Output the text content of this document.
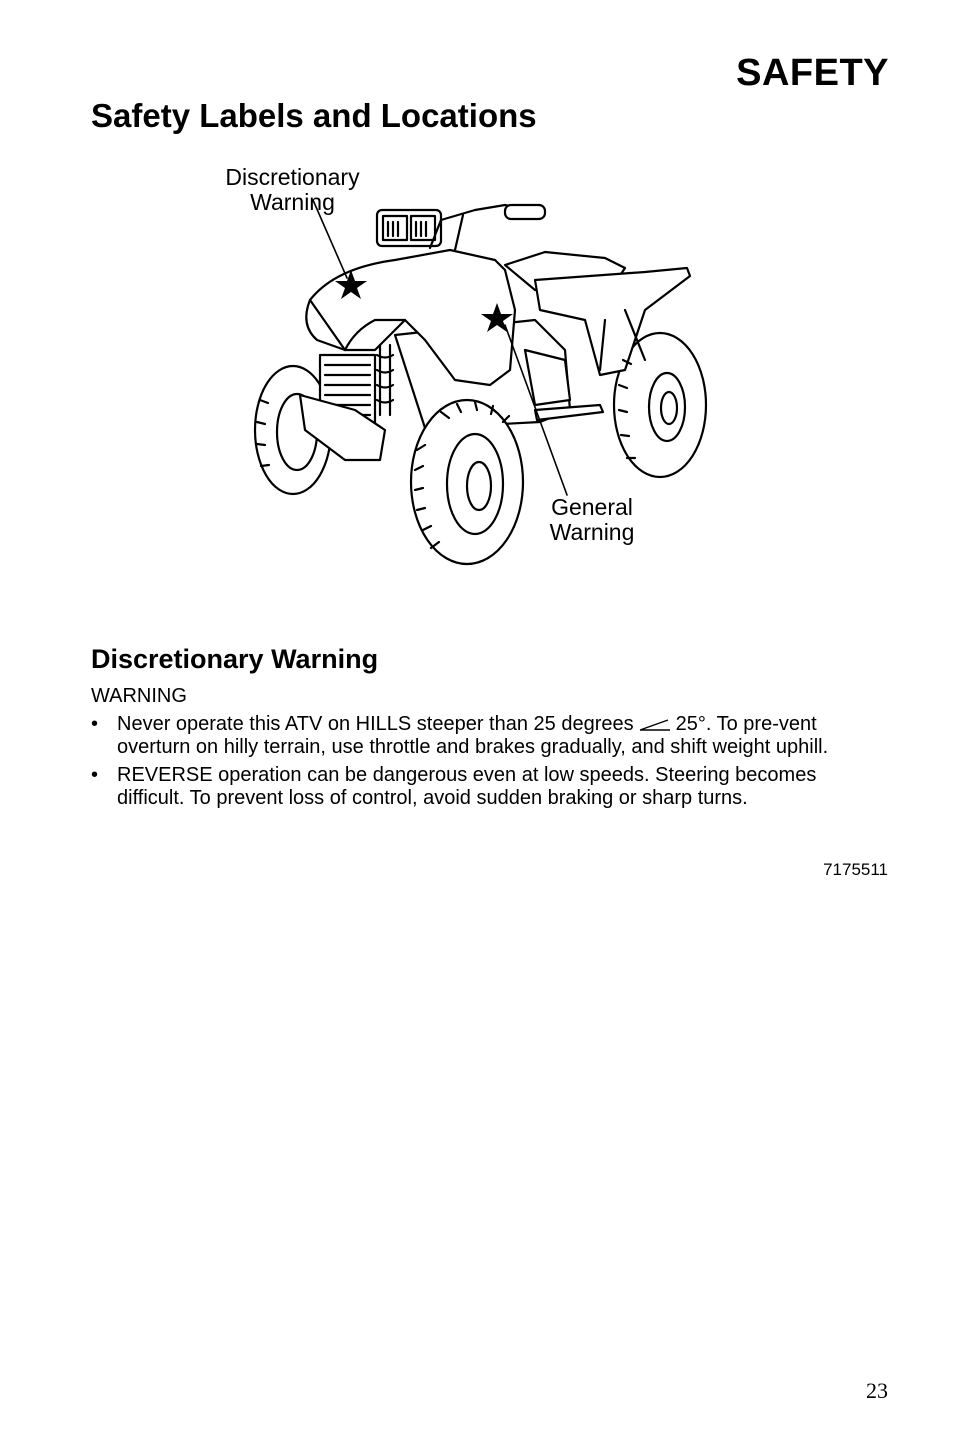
SAFETY
Safety Labels and Locations
Discretionary
Warning
General
Warning
Discretionary Warning
WARNING
• Never operate this ATV on HILLS steeper than 25 degrees 25°. To pre-vent overturn on hilly terrain, use throttle and brakes gradually, and shift weight uphill.
• REVERSE operation can be dangerous even at low speeds. Steering becomes difficult. To prevent loss of control, avoid sudden braking or sharp turns.
7175511
23
